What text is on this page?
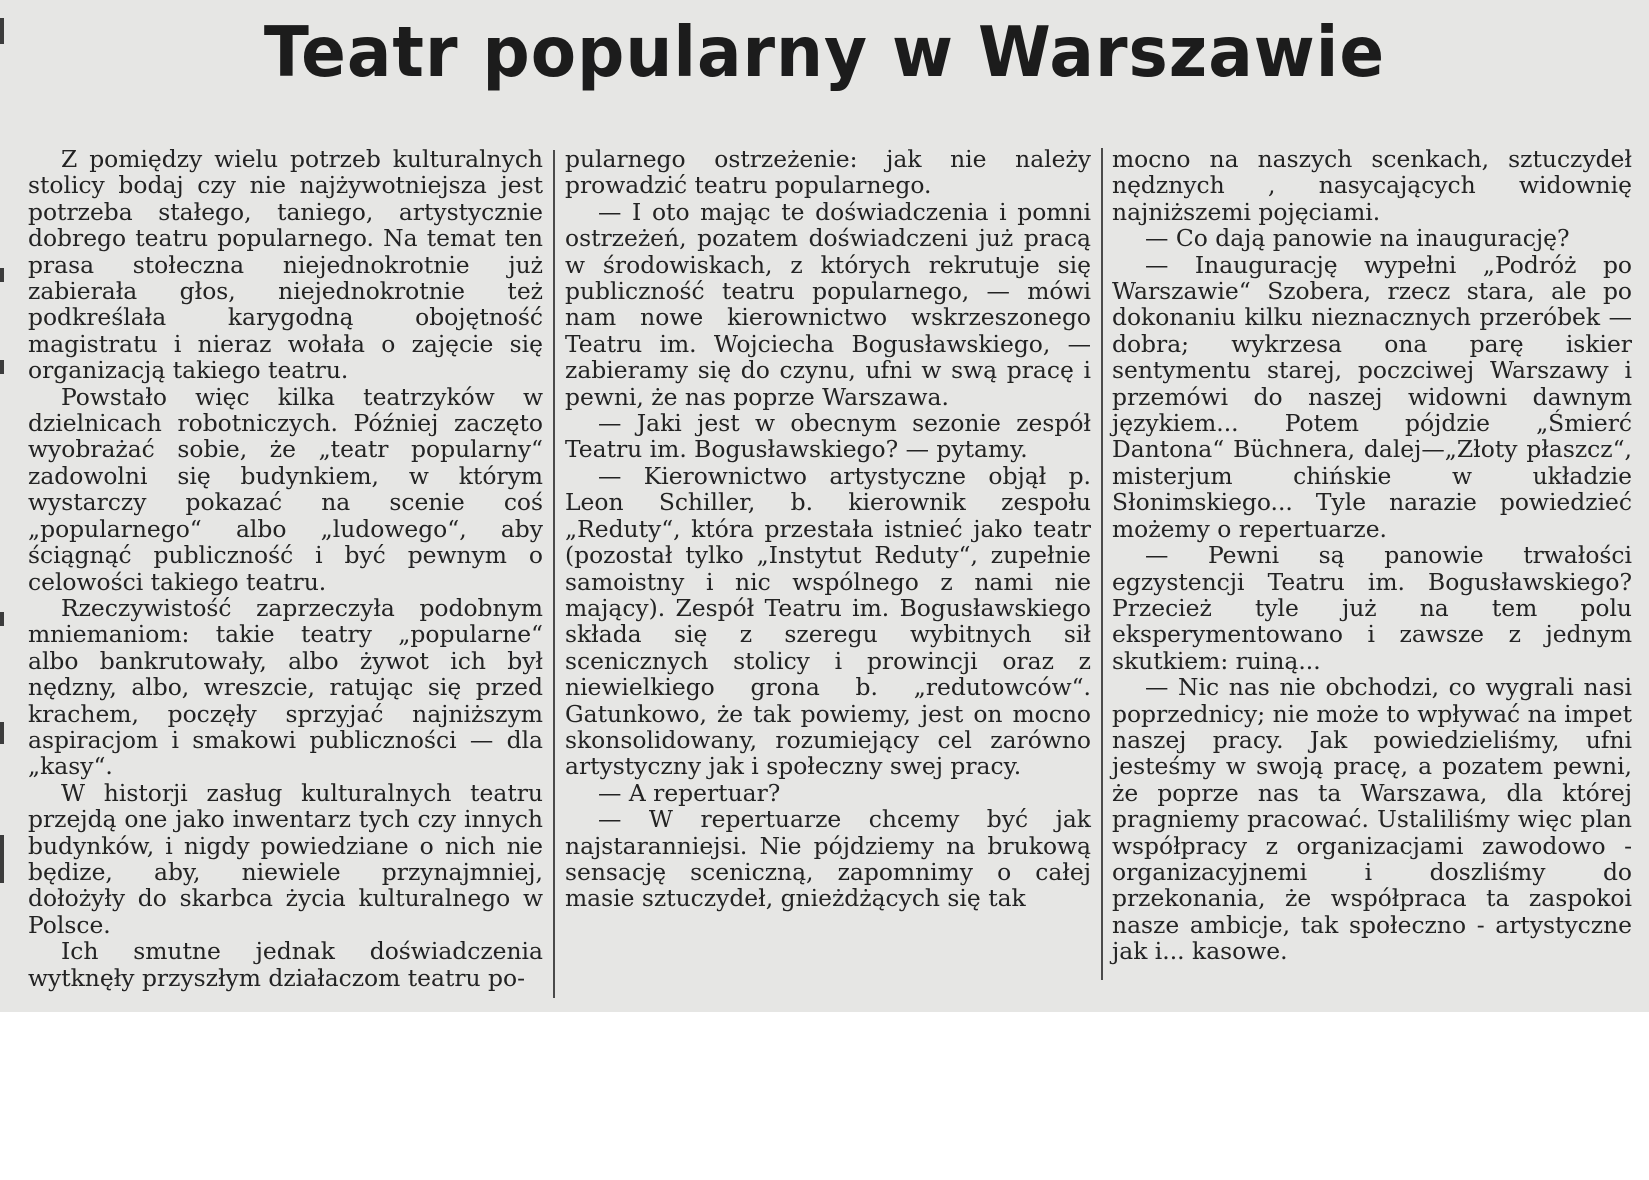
Teatr popularny w Warszawie

Z pomiędzy wielu potrzeb kulturalnych stolicy bodaj czy nie najżywotniejsza jest potrzeba stałego, taniego, artystycznie dobrego teatru popularnego. Na temat ten prasa stołeczna niejednokrotnie już zabierała głos, niejednokrotnie też podkreślała karygodną obojętność magistratu i nieraz wołała o zajęcie się organizacją takiego teatru.

Powstało więc kilka teatrzyków w dzielnicach robotniczych. Później zaczęto wyobrażać sobie, że „teatr popularny“ zadowolni się budynkiem, w którym wystarczy pokazać na scenie coś „popularnego“ albo „ludowego“, aby ściągnąć publiczność i być pewnym o celowości takiego teatru.

Rzeczywistość zaprzeczyła podobnym mniemaniom: takie teatry „popularne“ albo bankrutowały, albo żywot ich był nędzny, albo, wreszcie, ratując się przed krachem, poczęły sprzyjać najniższym aspiracjom i smakowi publiczności — dla „kasy“.

W historji zasług kulturalnych teatru przejdą one jako inwentarz tych czy innych budynków, i nigdy powiedziane o nich nie będize, aby, niewiele przynajmniej, dołożyły do skarbca życia kulturalnego w Polsce.

Ich smutne jednak doświadczenia wytknęły przyszłym działaczom teatru po-

pularnego ostrzeżenie: jak nie należy prowadzić teatru popularnego.

— I oto mając te doświadczenia i pomni ostrzeżeń, pozatem doświadczeni już pracą w środowiskach, z których rekrutuje się publiczność teatru popularnego, — mówi nam nowe kierownictwo wskrzeszonego Teatru im. Wojciecha Bogusławskiego, — zabieramy się do czynu, ufni w swą pracę i pewni, że nas poprze Warszawa.

— Jaki jest w obecnym sezonie zespół Teatru im. Bogusławskiego? — pytamy.

— Kierownictwo artystyczne objął p. Leon Schiller, b. kierownik zespołu „Reduty“, która przestała istnieć jako teatr (pozostał tylko „Instytut Reduty“, zupełnie samoistny i nic wspólnego z nami nie mający). Zespół Teatru im. Bogusławskiego składa się z szeregu wybitnych sił scenicznych stolicy i prowincji oraz z niewielkiego grona b. „redutowców“. Gatunkowo, że tak powiemy, jest on mocno skonsolidowany, rozumiejący cel zarówno artystyczny jak i społeczny swej pracy.

— A repertuar?

— W repertuarze chcemy być jak najstaranniejsi. Nie pójdziemy na brukową sensację sceniczną, zapomnimy o całej masie sztuczydeł, gnieżdżących się tak

mocno na naszych scenkach, sztuczydeł nędznych , nasycających widownię najniższemi pojęciami.

— Co dają panowie na inaugurację?

— Inaugurację wypełni „Podróż po Warszawie“ Szobera, rzecz stara, ale po dokonaniu kilku nieznacznych przeróbek — dobra; wykrzesa ona parę iskier sentymentu starej, poczciwej Warszawy i przemówi do naszej widowni dawnym językiem... Potem pójdzie „Śmierć Dantona“ Büchnera, dalej—„Złoty płaszcz“, misterjum chińskie w układzie Słonimskiego... Tyle narazie powiedzieć możemy o repertuarze.

— Pewni są panowie trwałości egzystencji Teatru im. Bogusławskiego? Przecież tyle już na tem polu eksperymentowano i zawsze z jednym skutkiem: ruiną...

— Nic nas nie obchodzi, co wygrali nasi poprzednicy; nie może to wpływać na impet naszej pracy. Jak powiedzieliśmy, ufni jesteśmy w swoją pracę, a pozatem pewni, że poprze nas ta Warszawa, dla której pragniemy pracować. Ustaliliśmy więc plan współpracy z organizacjami zawodowo - organizacyjnemi i doszliśmy do przekonania, że współpraca ta zaspokoi nasze ambicje, tak społeczno - artystyczne jak i... kasowe.
